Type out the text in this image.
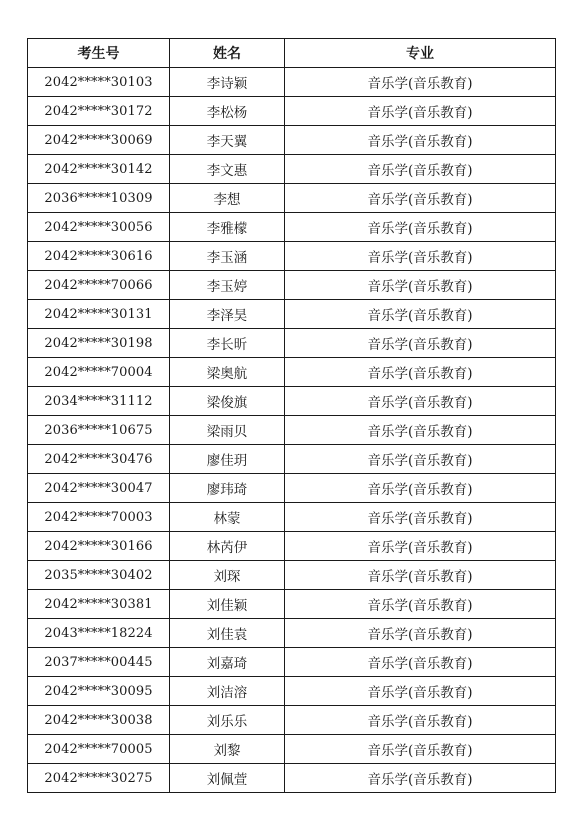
考生号	姓名	专业
2042*****30103	李诗颖	音乐学(音乐教育)
2042*****30172	李松杨	音乐学(音乐教育)
2042*****30069	李天翼	音乐学(音乐教育)
2042*****30142	李文惠	音乐学(音乐教育)
2036*****10309	李想	音乐学(音乐教育)
2042*****30056	李雅檬	音乐学(音乐教育)
2042*****30616	李玉涵	音乐学(音乐教育)
2042*****70066	李玉婷	音乐学(音乐教育)
2042*****30131	李泽昊	音乐学(音乐教育)
2042*****30198	李长昕	音乐学(音乐教育)
2042*****70004	梁奥航	音乐学(音乐教育)
2034*****31112	梁俊旗	音乐学(音乐教育)
2036*****10675	梁雨贝	音乐学(音乐教育)
2042*****30476	廖佳玥	音乐学(音乐教育)
2042*****30047	廖玮琦	音乐学(音乐教育)
2042*****70003	林蒙	音乐学(音乐教育)
2042*****30166	林芮伊	音乐学(音乐教育)
2035*****30402	刘琛	音乐学(音乐教育)
2042*****30381	刘佳颖	音乐学(音乐教育)
2043*****18224	刘佳袁	音乐学(音乐教育)
2037*****00445	刘嘉琦	音乐学(音乐教育)
2042*****30095	刘洁溶	音乐学(音乐教育)
2042*****30038	刘乐乐	音乐学(音乐教育)
2042*****70005	刘黎	音乐学(音乐教育)
2042*****30275	刘佩萱	音乐学(音乐教育)
